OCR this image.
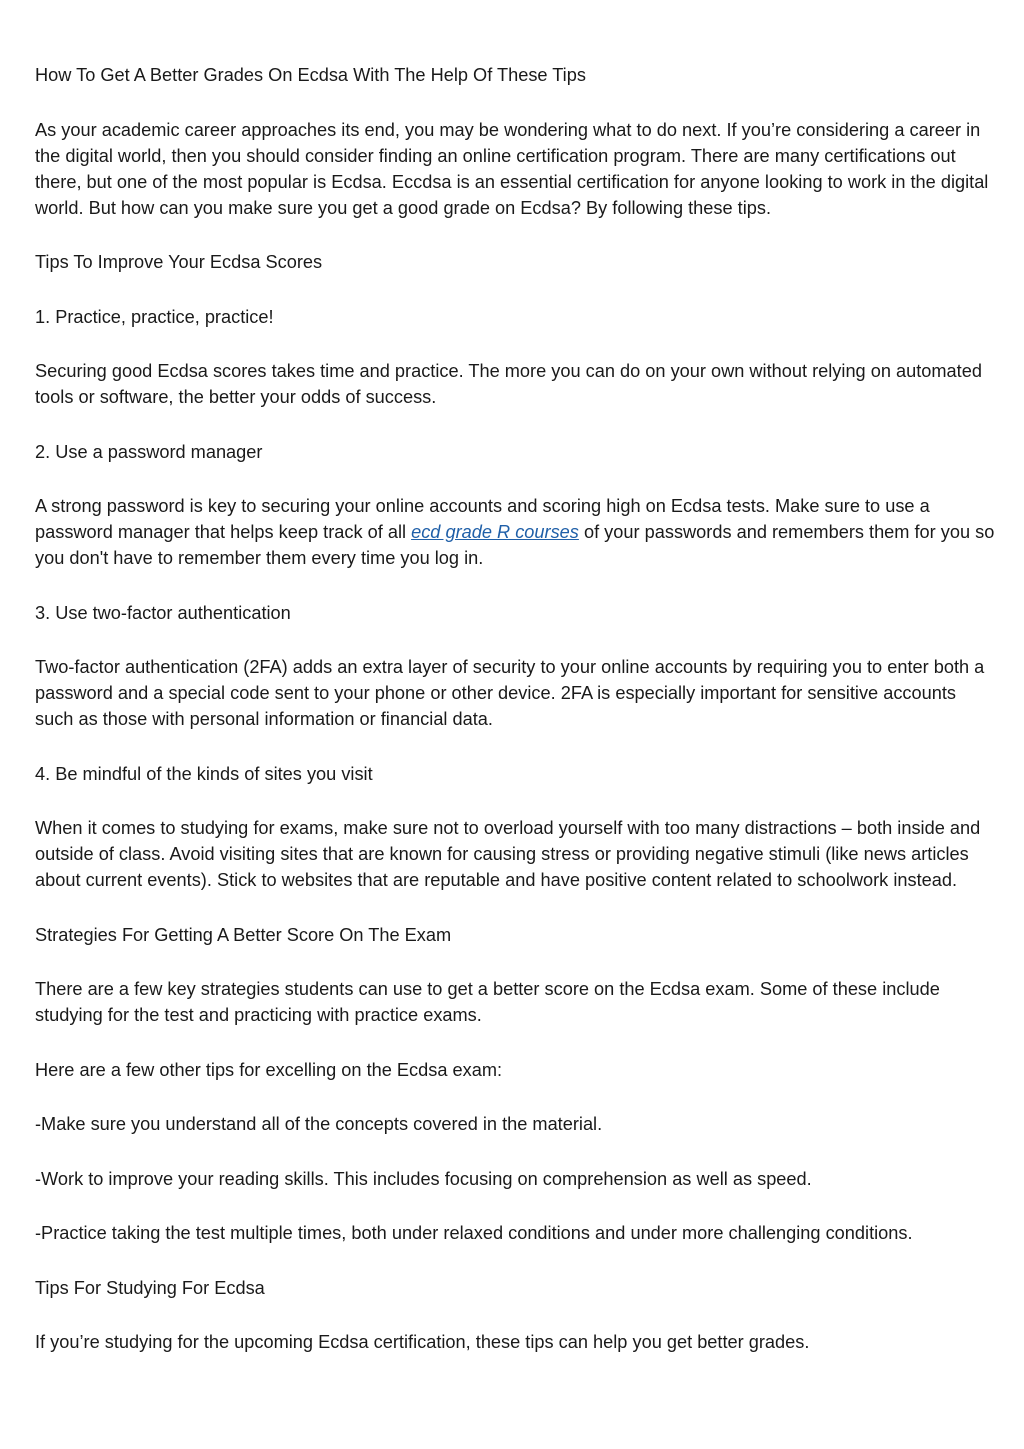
How To Get A Better Grades On Ecdsa With The Help Of These Tips

As your academic career approaches its end, you may be wondering what to do next. If you’re considering a career in the digital world, then you should consider finding an online certification program. There are many certifications out there, but one of the most popular is Ecdsa. Eccdsa is an essential certification for anyone looking to work in the digital world. But how can you make sure you get a good grade on Ecdsa? By following these tips.

Tips To Improve Your Ecdsa Scores

1. Practice, practice, practice!

Securing good Ecdsa scores takes time and practice. The more you can do on your own without relying on automated tools or software, the better your odds of success.

2. Use a password manager

A strong password is key to securing your online accounts and scoring high on Ecdsa tests. Make sure to use a password manager that helps keep track of all ecd grade R courses of your passwords and remembers them for you so you don't have to remember them every time you log in.

3. Use two-factor authentication

Two-factor authentication (2FA) adds an extra layer of security to your online accounts by requiring you to enter both a password and a special code sent to your phone or other device. 2FA is especially important for sensitive accounts such as those with personal information or financial data.

4. Be mindful of the kinds of sites you visit

When it comes to studying for exams, make sure not to overload yourself with too many distractions – both inside and outside of class. Avoid visiting sites that are known for causing stress or providing negative stimuli (like news articles about current events). Stick to websites that are reputable and have positive content related to schoolwork instead.

Strategies For Getting A Better Score On The Exam

There are a few key strategies students can use to get a better score on the Ecdsa exam. Some of these include studying for the test and practicing with practice exams.

Here are a few other tips for excelling on the Ecdsa exam:

-Make sure you understand all of the concepts covered in the material.

-Work to improve your reading skills. This includes focusing on comprehension as well as speed.

-Practice taking the test multiple times, both under relaxed conditions and under more challenging conditions.

Tips For Studying For Ecdsa

If you’re studying for the upcoming Ecdsa certification, these tips can help you get better grades.
